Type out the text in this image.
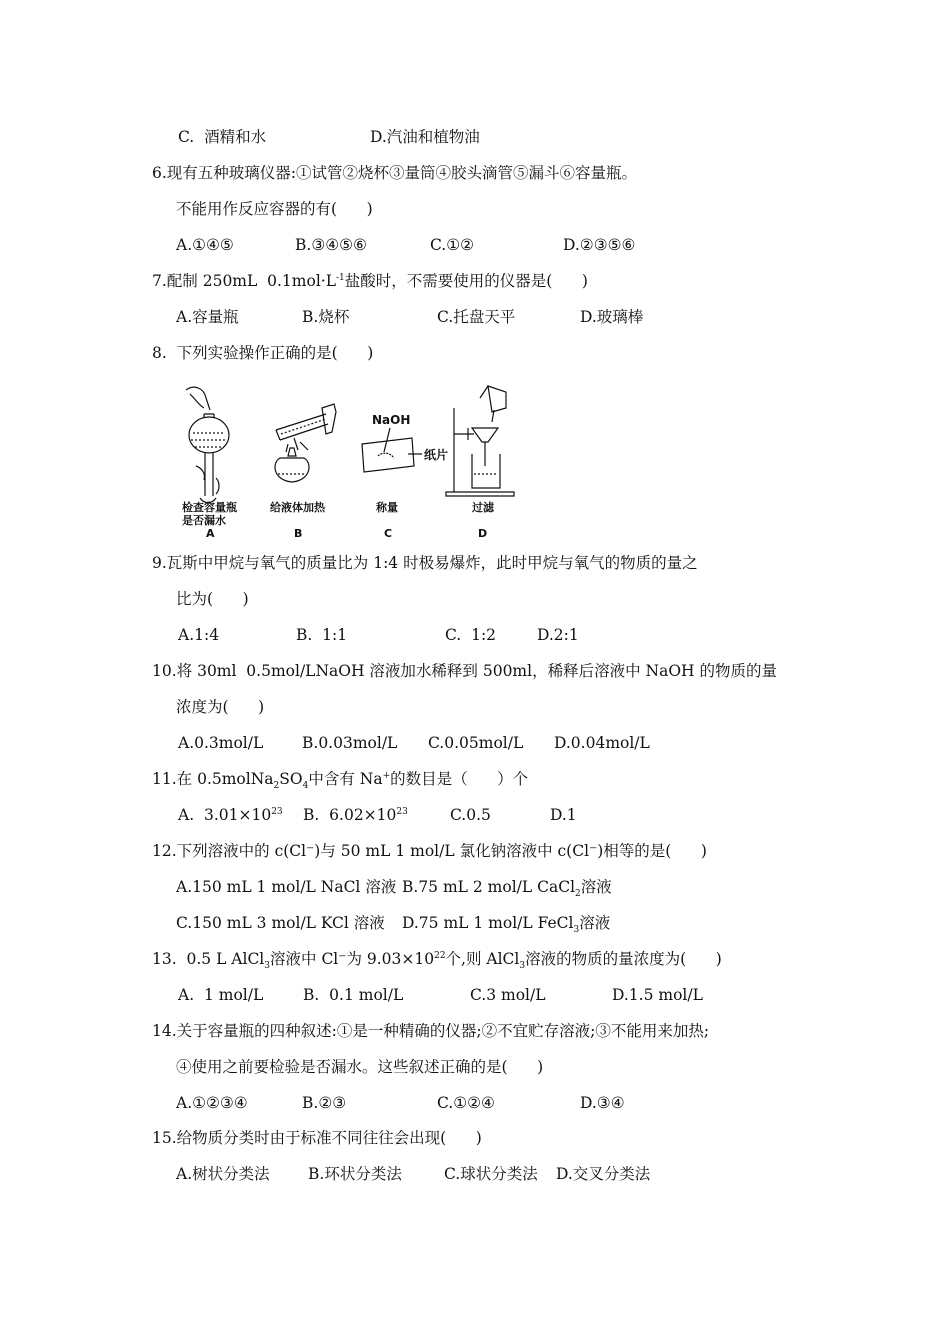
C.  酒精和水	D.汽油和植物油
6.现有五种玻璃仪器:①试管②烧杯③量筒④胶头滴管⑤漏斗⑥容量瓶。
不能用作反应容器的有(      )
A.①④⑤	B.③④⑤⑥	C.①②	D.②③⑤⑥
7.配制 250mL  $0.1mol\cdot L^{-1}$盐酸时，不需要使用的仪器是(      )
A.容量瓶	B.烧杯	C.托盘天平	D.玻璃棒
8.  下列实验操作正确的是(      )
检查容量瓶
是否漏水
A
给液体加热
B
NaOH
纸片
称量
C
过滤
D
9.瓦斯中甲烷与氧气的质量比为 1:4 时极易爆炸，此时甲烷与氧气的物质的量之
比为(      )
A.1:4	B.  1:1	C.  1:2	D.2:1
10.将 30ml  0.5mol/LNaOH 溶液加水稀释到 500ml，稀释后溶液中 NaOH 的物质的量
浓度为(      )
A.0.3mol/L B.0.03mol/L C.0.05mol/L D.0.04mol/L
11.在 $0.5molNa_2SO_4$中含有 Na+的数目是（      ）个
A.  $3.01\times 10^{23}$ B.  $6.02\times 10^{23}$	C.0.5	D.1
12.下列溶液中的 c(Cl⁻)与 50 mL 1 mol/L 氯化钠溶液中 c(Cl⁻)相等的是(      )
A.150 mL 1 mol/L NaCl 溶液 B.75 mL 2 mol/L CaCl$_2$溶液
C.150 mL 3 mol/L KCl 溶液 D.75 mL 1 mol/L FeCl$_3$溶液
13.  0.5 L AlCl$_3$溶液中 Cl⁻为 $9.03\times 10^{22}$个,则 AlCl$_3$溶液的物质的量浓度为(      )
A.  1 mol/L	B.  0.1 mol/L	C.3 mol/L	D.1.5 mol/L
14.关于容量瓶的四种叙述:①是一种精确的仪器;②不宜贮存溶液;③不能用来加热;
④使用之前要检验是否漏水。这些叙述正确的是(      )
A.①②③④	B.②③	C.①②④	D.③④
15.给物质分类时由于标准不同往往会出现(      )
A.树状分类法 B.环状分类法	C.球状分类法 D.交叉分类法
